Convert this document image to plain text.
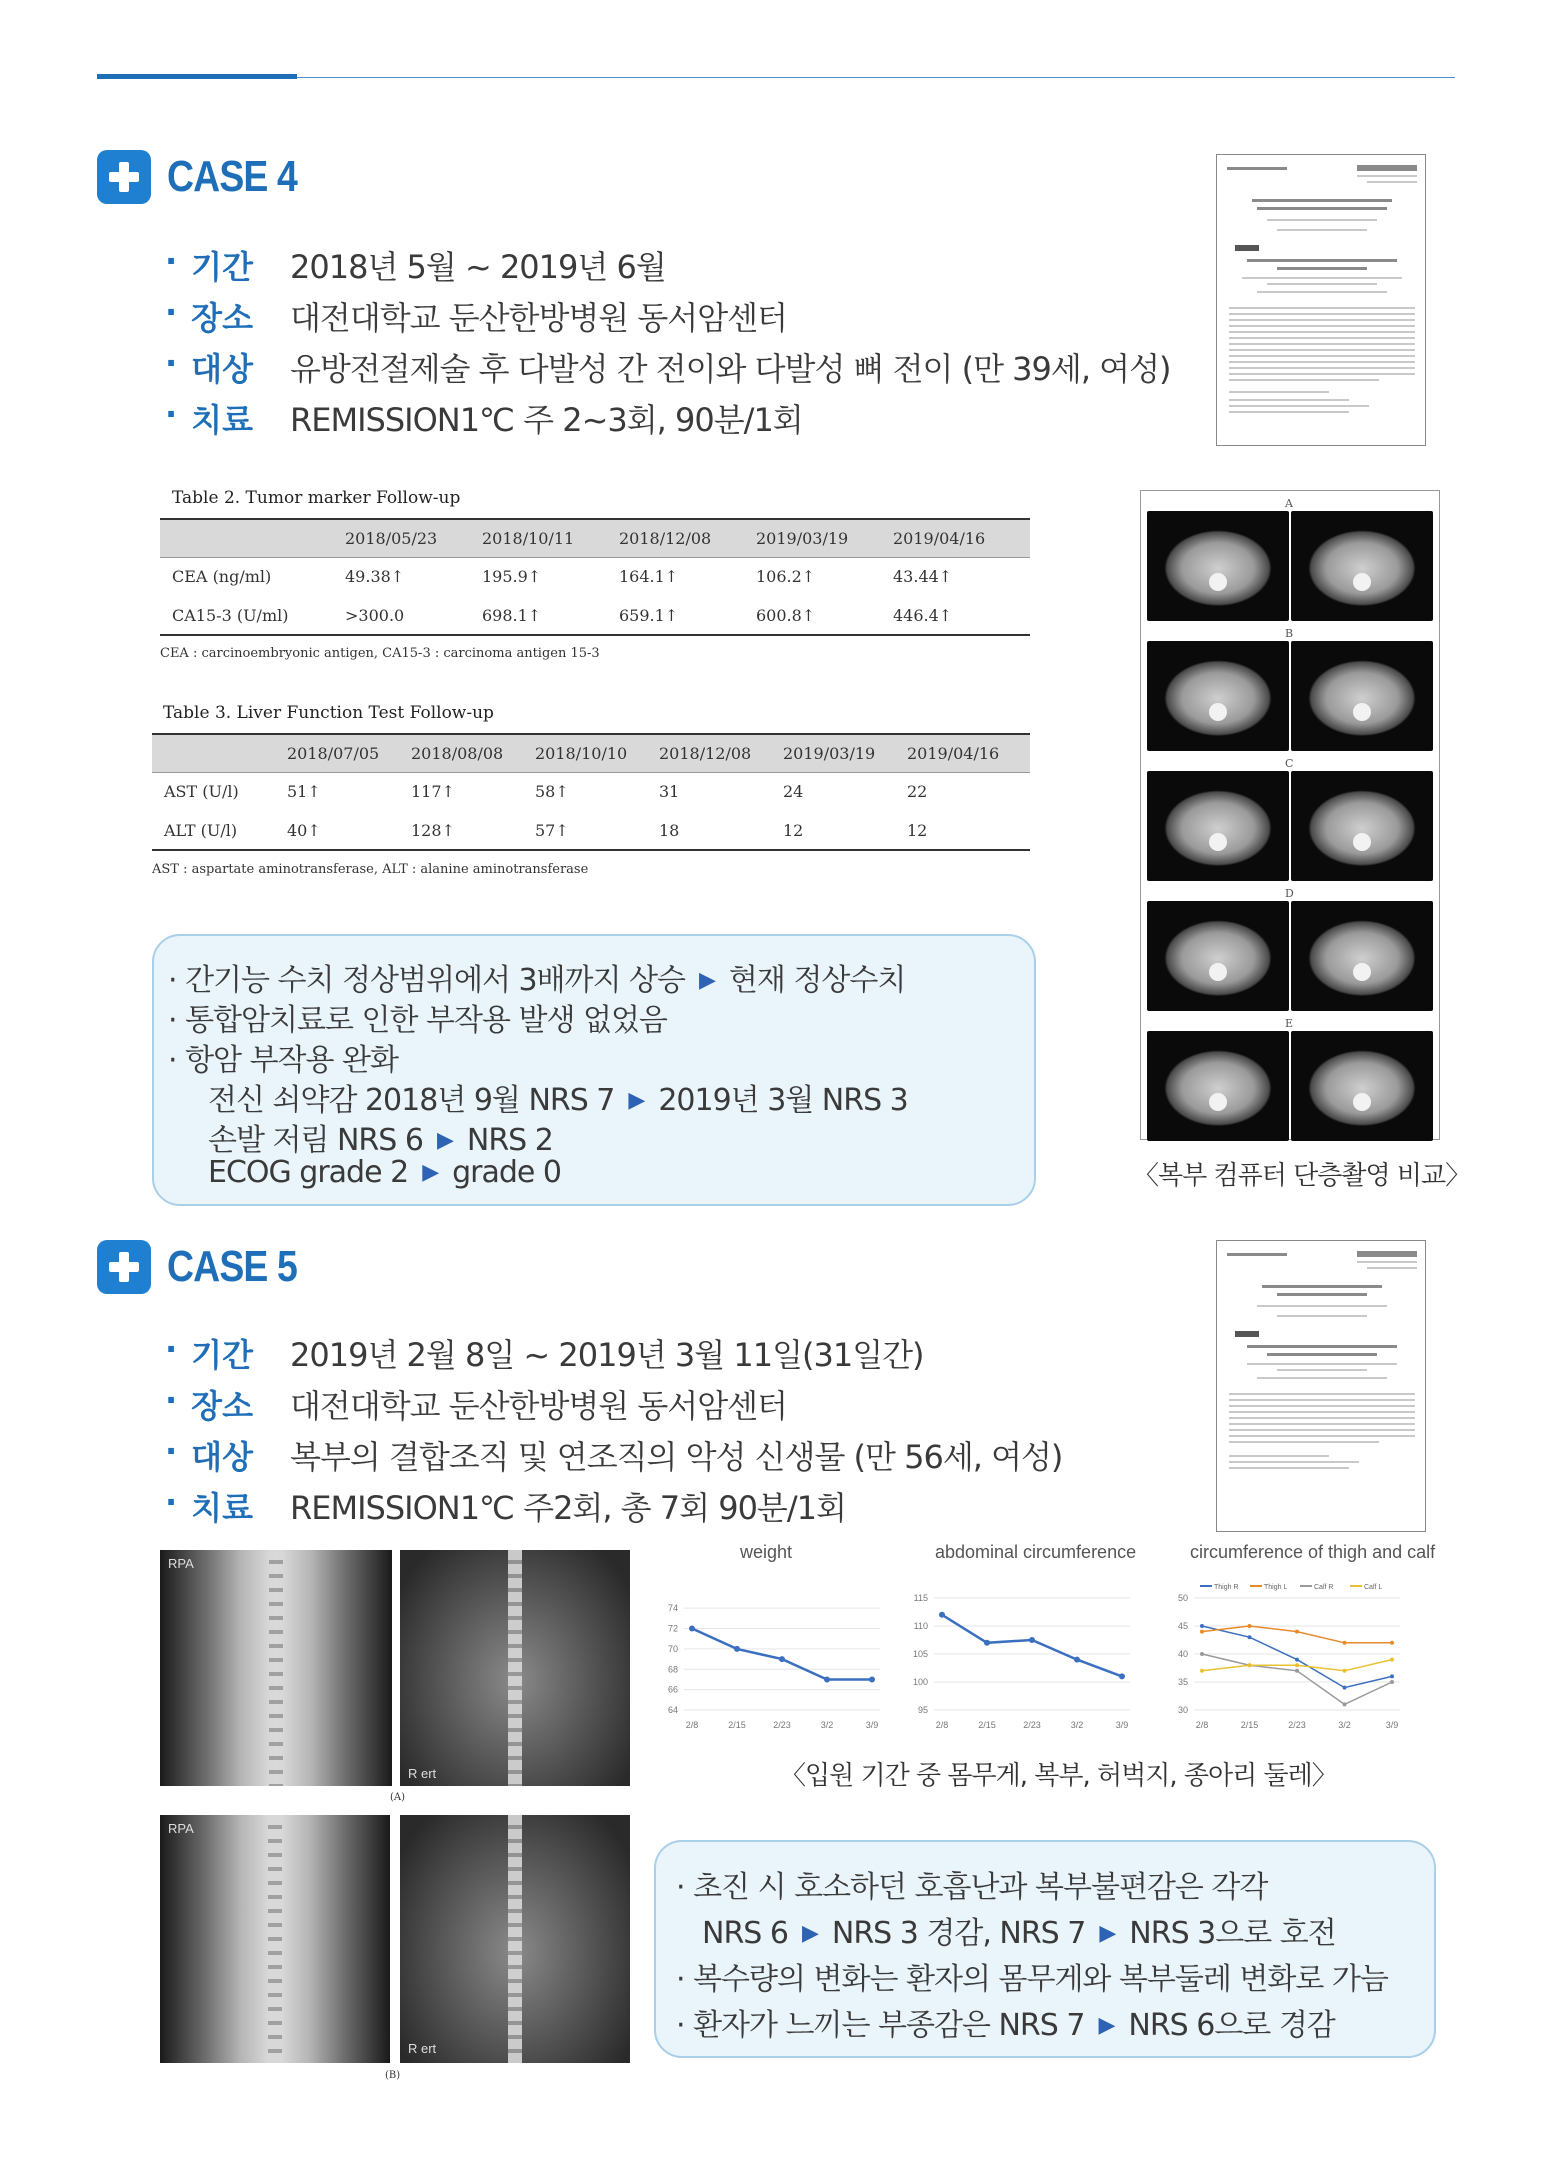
CASE 4
· 기간 2018년 5월 ~ 2019년 6월
· 장소 대전대학교 둔산한방병원 동서암센터
· 대상 유방전절제술 후 다발성 간 전이와 다발성 뼈 전이 (만 39세, 여성)
· 치료 REMISSION1℃ 주 2~3회, 90분/1회
Table 2. Tumor marker Follow-up
	2018/05/23	2018/10/11	2018/12/08	2019/03/19	2019/04/16
CEA (ng/ml)	49.38↑	195.9↑	164.1↑	106.2↑	43.44↑
CA15-3 (U/ml)	>300.0	698.1↑	659.1↑	600.8↑	446.4↑
CEA : carcinoembryonic antigen, CA15-3 : carcinoma antigen 15-3
Table 3. Liver Function Test Follow-up
	2018/07/05	2018/08/08	2018/10/10	2018/12/08	2019/03/19	2019/04/16
AST (U/l)	51↑	117↑	58↑	31	24	22
ALT (U/l)	40↑	128↑	57↑	18	12	12
AST : aspartate aminotransferase, ALT : alanine aminotransferase
· 간기능 수치 정상범위에서 3배까지 상승 ▶ 현재 정상수치
· 통합암치료로 인한 부작용 발생 없었음
· 항암 부작용 완화
전신 쇠약감 2018년 9월 NRS 7 ▶ 2019년 3월 NRS 3
손발 저림 NRS 6 ▶ NRS 2
ECOG grade 2 ▶ grade 0
A
B
C
D
E
〈복부 컴퓨터 단층촬영 비교〉
CASE 5
· 기간 2019년 2월 8일 ~ 2019년 3월 11일(31일간)
· 장소 대전대학교 둔산한방병원 동서암센터
· 대상 복부의 결합조직 및 연조직의 악성 신생물 (만 56세, 여성)
· 치료 REMISSION1℃ 주2회, 총 7회 90분/1회
RPA
R ert
(A)
RPA
R ert
(B)
weight
64
66
68
70
72
74
2/8	2/15	2/23	3/2	3/9
abdominal circumference
95
100
105
110
115
2/8	2/15	2/23	3/2	3/9
circumference of thigh and calf
30
35
40
45
50
2/8	2/15	2/23	3/2	3/9
Thigh R	Thigh L	Calf R	Calf L
〈입원 기간 중 몸무게, 복부, 허벅지, 종아리 둘레〉
· 초진 시 호소하던 호흡난과 복부불편감은 각각
NRS 6 ▶ NRS 3 경감, NRS 7 ▶ NRS 3으로 호전
· 복수량의 변화는 환자의 몸무게와 복부둘레 변화로 가늠
· 환자가 느끼는 부종감은 NRS 7 ▶ NRS 6으로 경감
